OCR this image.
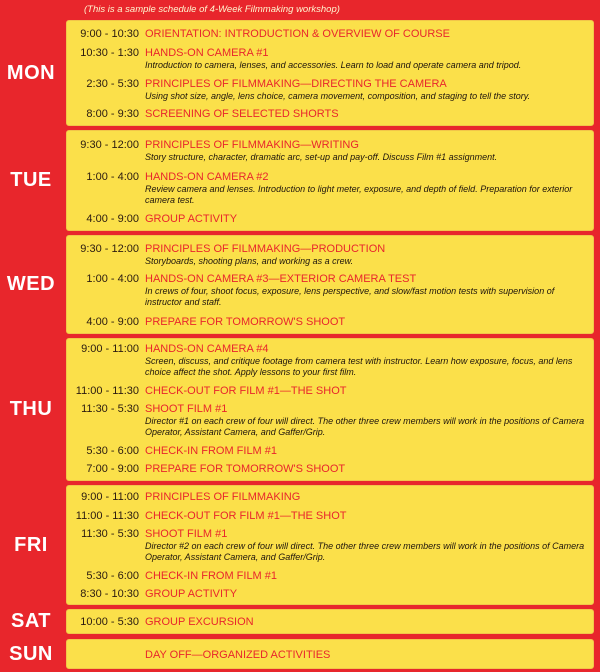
(This is a sample schedule of 4-Week Filmmaking workshop)
MON
9:00 - 10:30 ORIENTATION: INTRODUCTION & OVERVIEW OF COURSE
10:30 - 1:30 HANDS-ON CAMERA #1
Introduction to camera, lenses, and accessories. Learn to load and operate camera and tripod.
2:30 - 5:30 PRINCIPLES OF FILMMAKING—DIRECTING THE CAMERA
Using shot size, angle, lens choice, camera movement, composition, and staging to tell the story.
8:00 - 9:30 SCREENING OF SELECTED SHORTS
TUE
9:30 - 12:00 PRINCIPLES OF FILMMAKING—WRITING
Story structure, character, dramatic arc, set-up and pay-off. Discuss Film #1 assignment.
1:00 - 4:00 HANDS-ON CAMERA #2
Review camera and lenses. Introduction to light meter, exposure, and depth of field. Preparation for exterior camera test.
4:00 - 9:00 GROUP ACTIVITY
WED
9:30 - 12:00 PRINCIPLES OF FILMMAKING—PRODUCTION
Storyboards, shooting plans, and working as a crew.
1:00 - 4:00 HANDS-ON CAMERA #3—EXTERIOR CAMERA TEST
In crews of four, shoot focus, exposure, lens perspective, and slow/fast motion tests with supervision of instructor and staff.
4:00 - 9:00 PREPARE FOR TOMORROW'S SHOOT
THU
9:00 - 11:00 HANDS-ON CAMERA #4
Screen, discuss, and critique footage from camera test with instructor. Learn how exposure, focus, and lens choice affect the shot. Apply lessons to your first film.
11:00 - 11:30 CHECK-OUT FOR FILM #1—THE SHOT
11:30 - 5:30 SHOOT FILM #1
Director #1 on each crew of four will direct. The other three crew members will work in the positions of Camera Operator, Assistant Camera, and Gaffer/Grip.
5:30 - 6:00 CHECK-IN FROM FILM #1
7:00 - 9:00 PREPARE FOR TOMORROW'S SHOOT
FRI
9:00 - 11:00 PRINCIPLES OF FILMMAKING
11:00 - 11:30 CHECK-OUT FOR FILM #1—THE SHOT
11:30 - 5:30 SHOOT FILM #1
Director #2 on each crew of four will direct. The other three crew members will work in the positions of Camera Operator, Assistant Camera, and Gaffer/Grip.
5:30 - 6:00 CHECK-IN FROM FILM #1
8:30 - 10:30 GROUP ACTIVITY
SAT	10:00 - 5:30 GROUP EXCURSION
SUN	DAY OFF—ORGANIZED ACTIVITIES
